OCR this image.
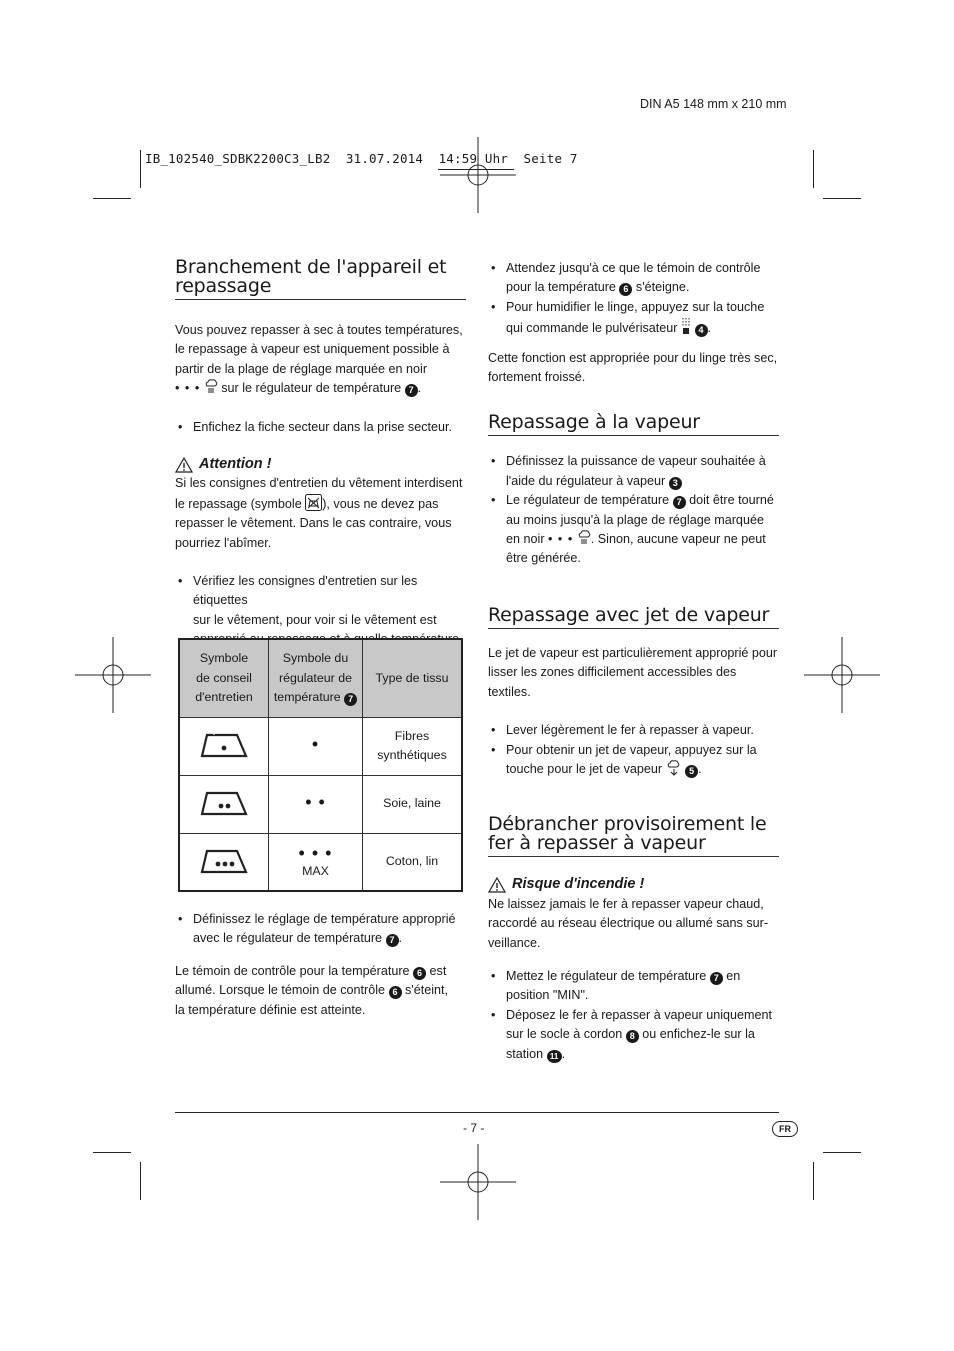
DIN A5 148 mm x 210 mm
IB_102540_SDBK2200C3_LB2  31.07.2014  14:59 Uhr  Seite 7
Branchement de l'appareil et repassage

Vous pouvez repasser à sec à toutes températures,

le repassage à vapeur est uniquement possible à

partir de la plage de réglage marquée en noir

• • • sur le régulateur de température 7 .

• Enfichez la fiche secteur dans la prise secteur.
Attention !

Si les consignes d'entretien du vêtement interdisent

le repassage (symbole ), vous ne devez pas

repasser le vêtement. Dans le cas contraire, vous

pourriez l'abîmer.

• Vérifiez les consignes d'entretien sur les étiquettes
sur le vêtement, pour voir si le vêtement est

Symbole
de conseil
d'entretien	Symbole du
régulateur de
température 7	Type de tissu
	•	Fibres
synthétiques
	• •	Soie, laine
	• • •
MAX	Coton, lin
• Définissez le réglage de température approprié
avec le régulateur de température 7 .

Le témoin de contrôle pour la température 6 est

allumé. Lorsque le témoin de contrôle 6 s'éteint,

la température définie est atteinte.

• Attendez jusqu'à ce que le témoin de contrôle
pour la température 6 s'éteigne.
• Pour humidifier le linge, appuyez sur la touche
qui commande le pulvérisateur 4 .

Cette fonction est appropriée pour du linge très sec,

fortement froissé.

Repassage à la vapeur
• Définissez la puissance de vapeur souhaitée à
l'aide du régulateur à vapeur 3
• Le régulateur de température 7 doit être tourné
au moins jusqu'à la plage de réglage marquée
en noir • • • . Sinon, aucune vapeur ne peut
être générée.
Repassage avec jet de vapeur

Le jet de vapeur est particulièrement approprié pour

lisser les zones difficilement accessibles des textiles.

• Lever légèrement le fer à repasser à vapeur.
• Pour obtenir un jet de vapeur, appuyez sur la
touche pour le jet de vapeur	5 .
Débrancher provisoirement le
fer à repasser à vapeur
Risque d'incendie !

Ne laissez jamais le fer à repasser vapeur chaud,

raccordé au réseau électrique ou allumé sans sur-

veillance.

• Mettez le régulateur de température 7 en
position "MIN".
• Déposez le fer à repasser à vapeur uniquement
sur le socle à cordon 8 ou enfichez-le sur la
station 11 .
- 7 -	FR
